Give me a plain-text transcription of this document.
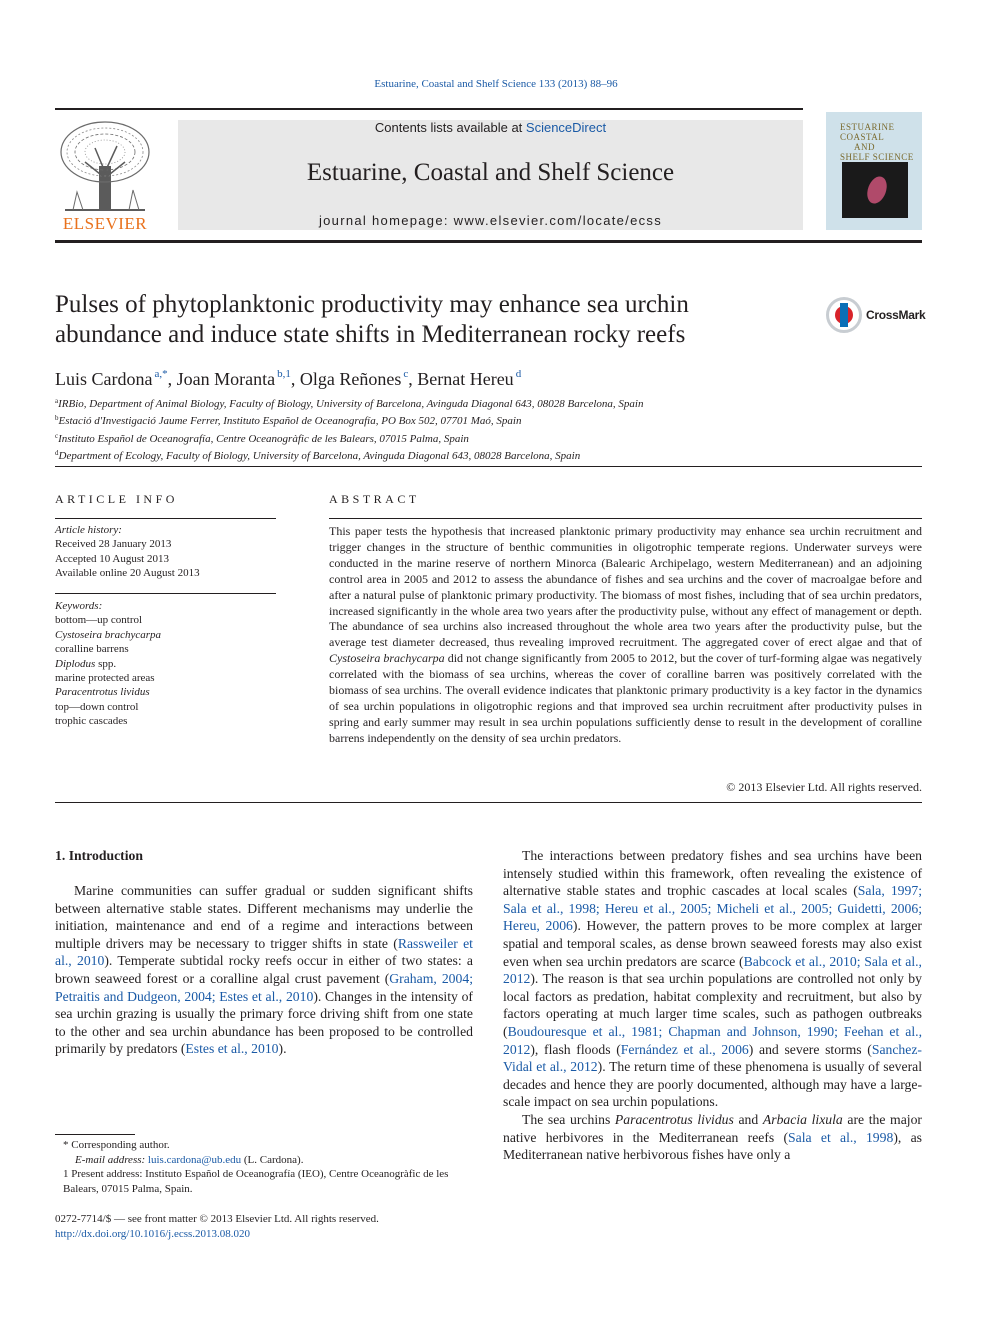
Estuarine, Coastal and Shelf Science 133 (2013) 88–96
ELSEVIER
Contents lists available at ScienceDirect
Estuarine, Coastal and Shelf Science
journal homepage: www.elsevier.com/locate/ecss
ESTUARINE
COASTAL
AND
SHELF SCIENCE
Pulses of phytoplanktonic productivity may enhance sea urchin
abundance and induce state shifts in Mediterranean rocky reefs
CrossMark
Luis Cardona $^{a,*}$, Joan Moranta $^{b,1}$, Olga Reñones $^c$, Bernat Hereu $^d$
$^a$IRBio, Department of Animal Biology, Faculty of Biology, University of Barcelona, Avinguda Diagonal 643, 08028 Barcelona, Spain
$^b$Estació d'Investigació Jaume Ferrer, Instituto Español de Oceanografía, PO Box 502, 07701 Maó, Spain
$^c$Instituto Español de Oceanografía, Centre Oceanogràfic de les Balears, 07015 Palma, Spain
$^d$Department of Ecology, Faculty of Biology, University of Barcelona, Avinguda Diagonal 643, 08028 Barcelona, Spain
ARTICLE INFO	ABSTRACT
Article history:
Received 28 January 2013
Accepted 10 August 2013
Available online 20 August 2013
Keywords:
bottom—up control
Cystoseira brachycarpa
coralline barrens
Diplodus spp.
marine protected areas
Paracentrotus lividus
top—down control
trophic cascades
This paper tests the hypothesis that increased planktonic primary productivity may enhance sea urchin recruitment and trigger changes in the structure of benthic communities in oligotrophic temperate regions. Underwater surveys were conducted in the marine reserve of northern Minorca (Balearic Archipelago, western Mediterranean) and an adjoining control area in 2005 and 2012 to assess the abundance of fishes and sea urchins and the cover of macroalgae before and after a natural pulse of planktonic primary productivity. The biomass of most fishes, including that of sea urchin predators, increased significantly in the whole area two years after the productivity pulse, without any effect of management or depth. The abundance of sea urchins also increased throughout the whole area two years after the productivity pulse, but the average test diameter decreased, thus revealing improved recruitment. The aggregated cover of erect algae and that of Cystoseira brachycarpa did not change significantly from 2005 to 2012, but the cover of turf-forming algae was negatively correlated with the biomass of sea urchins, whereas the cover of coralline barren was positively correlated with the biomass of sea urchins. The overall evidence indicates that planktonic primary productivity is a key factor in the dynamics of sea urchin populations in oligotrophic regions and that improved sea urchin recruitment after productivity pulses in spring and early summer may result in sea urchin populations sufficiently dense to result in the development of coralline barrens independently on the density of sea urchin predators.
© 2013 Elsevier Ltd. All rights reserved.
1. Introduction

Marine communities can suffer gradual or sudden significant shifts between alternative stable states. Different mechanisms may underlie the initiation, maintenance and end of a regime and interactions between multiple drivers may be necessary to trigger shifts in state (Rassweiler et al., 2010). Temperate subtidal rocky reefs occur in either of two states: a brown seaweed forest or a coralline algal crust pavement (Graham, 2004; Petraitis and Dudgeon, 2004; Estes et al., 2010). Changes in the intensity of sea urchin grazing is usually the primary force driving shift from one state to the other and sea urchin abundance has been proposed to be controlled primarily by predators (Estes et al., 2010).

The interactions between predatory fishes and sea urchins have been intensely studied within this framework, often revealing the existence of alternative stable states and trophic cascades at local scales (Sala, 1997; Sala et al., 1998; Hereu et al., 2005; Micheli et al., 2005; Guidetti, 2006; Hereu, 2006). However, the pattern proves to be more complex at larger spatial and temporal scales, as dense brown seaweed forests may also exist even when sea urchin predators are scarce (Babcock et al., 2010; Sala et al., 2012). The reason is that sea urchin populations are controlled not only by local factors as predation, habitat complexity and recruitment, but also by factors operating at much larger time scales, such as pathogen outbreaks (Boudouresque et al., 1981; Chapman and Johnson, 1990; Feehan et al., 2012), flash floods (Fernández et al., 2006) and severe storms (Sanchez-Vidal et al., 2012). The return time of these phenomena is usually of several decades and hence they are poorly documented, although may have a large-scale impact on sea urchin populations.

The sea urchins Paracentrotus lividus and Arbacia lixula are the major native herbivores in the Mediterranean reefs (Sala et al., 1998), as Mediterranean native herbivorous fishes have only a

* Corresponding author.
E-mail address: luis.cardona@ub.edu (L. Cardona).
1 Present address: Instituto Español de Oceanografía (IEO), Centre Oceanogràfic de les Balears, 07015 Palma, Spain.
0272-7714/$ — see front matter © 2013 Elsevier Ltd. All rights reserved.
http://dx.doi.org/10.1016/j.ecss.2013.08.020
